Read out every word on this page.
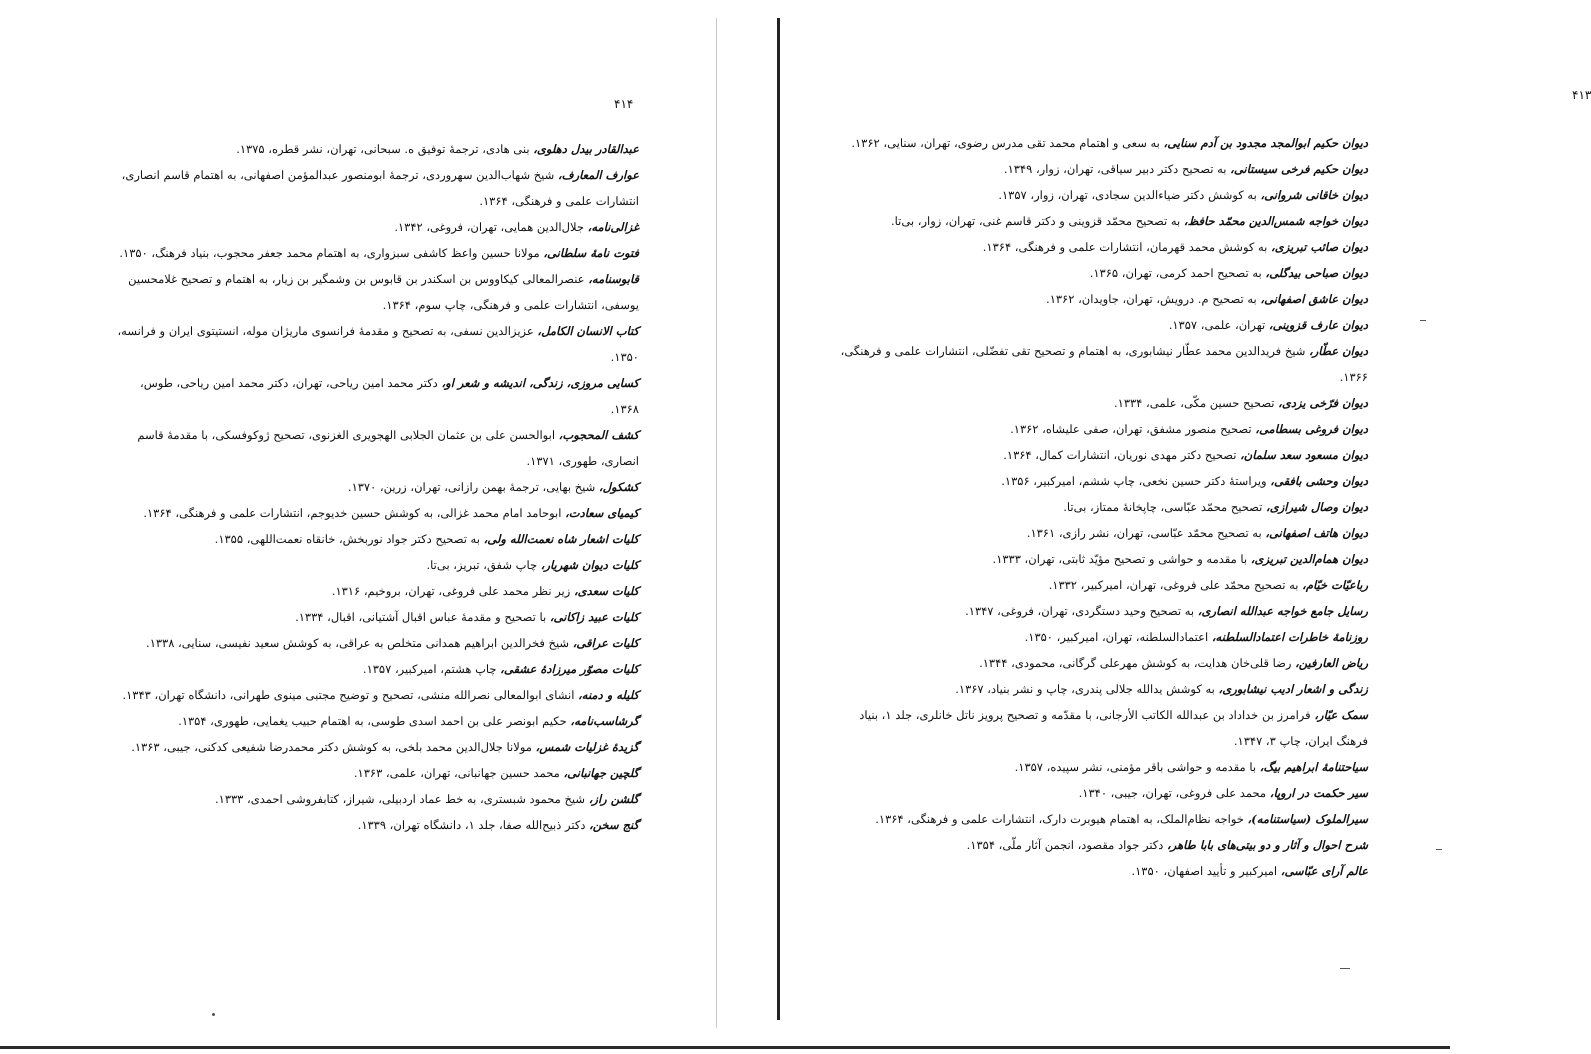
۴۱۴
عبدالقادر بیدل دهلوی، بنی هادی، ترجمهٔ توفیق ه. سبحانی، تهران، نشر قطره، ۱۳۷۵.
عوارف المعارف، شیخ شهاب‌الدین سهروردی، ترجمهٔ ابومنصور عبدالمؤمن اصفهانی، به اهتمام قاسم انصاری، انتشارات علمی و فرهنگی، ۱۳۶۴.
غزالی‌نامه، جلال‌الدین همایی، تهران، فروغی، ۱۳۴۲.
فتوت نامهٔ سلطانی، مولانا حسین واعظ کاشفی سبزواری، به اهتمام محمد جعفر محجوب، بنیاد فرهنگ، ۱۳۵۰.
قابوسنامه، عنصرالمعالی کیکاووس بن اسکندر بن قابوس بن وشمگیر بن زیار، به اهتمام و تصحیح غلامحسین یوسفی، انتشارات علمی و فرهنگی، چاپ سوم، ۱۳۶۴.
کتاب الانسان الکامل، عزیزالدین نسفی، به تصحیح و مقدمهٔ فرانسوی ماریژان موله، انستیتوی ایران و فرانسه، ۱۳۵۰.
کسایی مروزی، زندگی، اندیشه و شعر او، دکتر محمد امین ریاحی، تهران، دکتر محمد امین ریاحی، طوس، ۱۳۶۸.
کشف المحجوب، ابوالحسن علی بن عثمان الجلابی الهجویری الغزنوی، تصحیح ژوکوفسکی، با مقدمهٔ قاسم انصاری، طهوری، ۱۳۷۱.
کشکول، شیخ بهایی، ترجمهٔ بهمن رازانی، تهران، زرین، ۱۳۷۰.
کیمیای سعادت، ابوحامد امام محمد غزالی، به کوشش حسین خدیوجم، انتشارات علمی و فرهنگی، ۱۳۶۴.
کلیات اشعار شاه نعمت‌الله ولی، به تصحیح دکتر جواد نوربخش، خانقاه نعمت‌اللهی، ۱۳۵۵.
کلیات دیوان شهریار، چاپ شفق، تبریز، بی‌تا.
کلیات سعدی، زیر نظر محمد علی فروغی، تهران، بروخیم، ۱۳۱۶.
کلیات عبید زاکانی، با تصحیح و مقدمهٔ عباس اقبال آشتیانی، اقبال، ۱۳۳۴.
کلیات عراقی، شیخ فخرالدین ابراهیم همدانی متخلص به عراقی، به کوشش سعید نفیسی، سنایی، ۱۳۳۸.
کلیات مصوّر میرزادهٔ عشقی، چاپ هشتم، امیرکبیر، ۱۳۵۷.
کلیله و دمنه، انشای ابوالمعالی نصرالله منشی، تصحیح و توضیح مجتبی مینوی طهرانی، دانشگاه تهران، ۱۳۴۳.
گرشاسب‌نامه، حکیم ابونصر علی بن احمد اسدی طوسی، به اهتمام حبیب یغمایی، طهوری، ۱۳۵۴.
گزیدهٔ غزلیات شمس، مولانا جلال‌الدین محمد بلخی، به کوشش دکتر محمدرضا شفیعی کدکنی، جیبی، ۱۳۶۳.
گلچین جهانبانی، محمد حسین جهانبانی، تهران، علمی، ۱۳۶۳.
گلشن راز، شیخ محمود شبستری، به خط عماد اردبیلی، شیراز، کتابفروشی احمدی، ۱۳۳۳.
گنج سخن، دکتر ذبیح‌الله صفا، جلد ۱، دانشگاه تهران، ۱۳۳۹.
۴۱۳
دیوان حکیم ابوالمجد مجدود بن آدم سنایی، به سعی و اهتمام محمد تقی مدرس رضوی، تهران، سنایی، ۱۳۶۲.
دیوان حکیم فرخی سیستانی، به تصحیح دکتر دبیر سیاقی، تهران، زوار، ۱۳۴۹.
دیوان خاقانی شروانی، به کوشش دکتر ضیاءالدین سجادی، تهران، زوار، ۱۳۵۷.
دیوان خواجه شمس‌الدین محمّد حافظ، به تصحیح محمّد قزوینی و دکتر قاسم غنی، تهران، زوار، بی‌تا.
دیوان صائب تبریزی، به کوشش محمد قهرمان، انتشارات علمی و فرهنگی، ۱۳۶۴.
دیوان صباحی بیدگلی، به تصحیح احمد کرمی، تهران، ۱۳۶۵.
دیوان عاشق اصفهانی، به تصحیح م. درویش، تهران، جاویدان، ۱۳۶۲.
دیوان عارف قزوینی، تهران، علمی، ۱۳۵۷.
دیوان عطّار، شیخ فریدالدین محمد عطّار نیشابوری، به اهتمام و تصحیح تقی تفضّلی، انتشارات علمی و فرهنگی، ۱۳۶۶.
دیوان فرّخی یزدی، تصحیح حسین مکّی، علمی، ۱۳۳۴.
دیوان فروغی بسطامی، تصحیح منصور مشفق، تهران، صفی علیشاه، ۱۳۶۲.
دیوان مسعود سعد سلمان، تصحیح دکتر مهدی نوریان، انتشارات کمال، ۱۳۶۴.
دیوان وحشی بافقی، ویراستهٔ دکتر حسین نخعی، چاپ ششم، امیرکبیر، ۱۳۵۶.
دیوان وصال شیرازی، تصحیح محمّد عبّاسی، چاپخانهٔ ممتاز، بی‌تا.
دیوان هاتف اصفهانی، به تصحیح محمّد عبّاسی، تهران، نشر رازی، ۱۳۶۱.
دیوان همام‌الدین تبریزی، با مقدمه و حواشی و تصحیح مؤیّد ثابتی، تهران، ۱۳۳۳.
رباعیّات خیّام، به تصحیح محمّد علی فروغی، تهران، امیرکبیر، ۱۳۳۲.
رسایل جامع خواجه عبدالله انصاری، به تصحیح وحید دستگردی، تهران، فروغی، ۱۳۴۷.
روزنامهٔ خاطرات اعتمادالسلطنه، اعتمادالسلطنه، تهران، امیرکبیر، ۱۳۵۰.
ریاض العارفین، رضا قلی‌خان هدایت، به کوشش مهرعلی گرگانی، محمودی، ۱۳۴۴.
زندگی و اشعار ادیب نیشابوری، به کوشش یدالله جلالی پندری، چاپ و نشر بنیاد، ۱۳۶۷.
سمک عیّار، فرامرز بن خداداد بن عبدالله الکاتب الأرجانی، با مقدّمه و تصحیح پرویز ناتل خانلری، جلد ۱، بنیاد فرهنگ ایران، چاپ ۳، ۱۳۴۷.
سیاحتنامهٔ ابراهیم بیگ، با مقدمه و حواشی باقر مؤمنی، نشر سپیده، ۱۳۵۷.
سیر حکمت در اروپا، محمد علی فروغی، تهران، جیبی، ۱۳۴۰.
سیرالملوک (سیاستنامه)، خواجه نظام‌الملک، به اهتمام هیوبرت دارک، انتشارات علمی و فرهنگی، ۱۳۶۴.
شرح احوال و آثار و دو بیتی‌های بابا طاهر، دکتر جواد مقصود، انجمن آثار ملّی، ۱۳۵۴.
عالم آرای عبّاسی، امیرکبیر و تأیید اصفهان، ۱۳۵۰.
